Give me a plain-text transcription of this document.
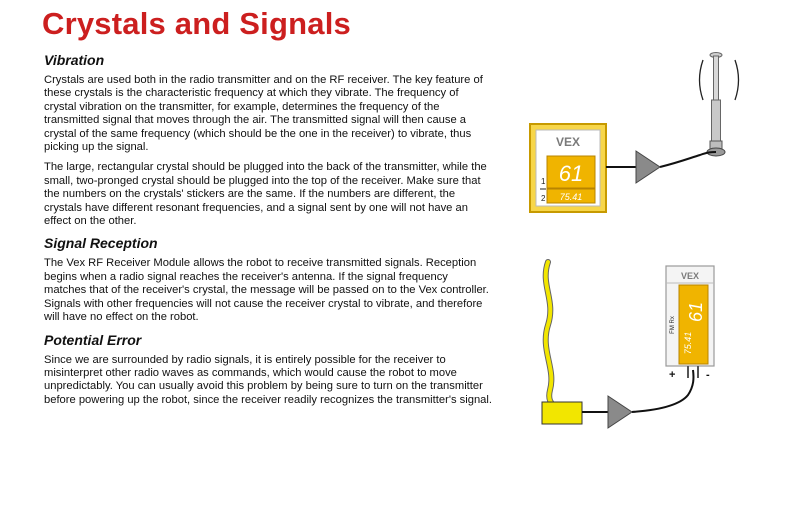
Crystals and Signals
Vibration

Crystals are used both in the radio transmitter and on the RF receiver. The key feature of these crystals is the characteristic frequency at which they vibrate. The frequency of crystal vibration on the transmitter, for example, determines the frequency of the transmitted signal that moves through the air. The transmitted signal will then cause a crystal of the same frequency (which should be the one in the receiver) to vibrate, thus picking up the signal.

The large, rectangular crystal should be plugged into the back of the transmitter, while the small, two-pronged crystal should be plugged into the top of the receiver. Make sure that the numbers on the crystals' stickers are the same. If the numbers are different, the crystals have different resonant frequencies, and a signal sent by one will not have an effect on the other.

Signal Reception

The Vex RF Receiver Module allows the robot to receive transmitted signals. Reception begins when a radio signal reaches the receiver's antenna. If the signal frequency matches that of the receiver's crystal, the message will be passed on to the Vex controller. Signals with other frequencies will not cause the receiver crystal to vibrate, and therefore will have no effect on the robot.

Potential Error

Since we are surrounded by radio signals, it is entirely possible for the receiver to misinterpret other radio waves as commands, which would cause the robot to move unpredictably. You can usually avoid this problem by being sure to turn on the transmitter before powering up the robot, since the receiver readily recognizes the transmitter's signal.

VEX
61
75.41
1
2
VEX
61
75.41
FM Rx
+	-
